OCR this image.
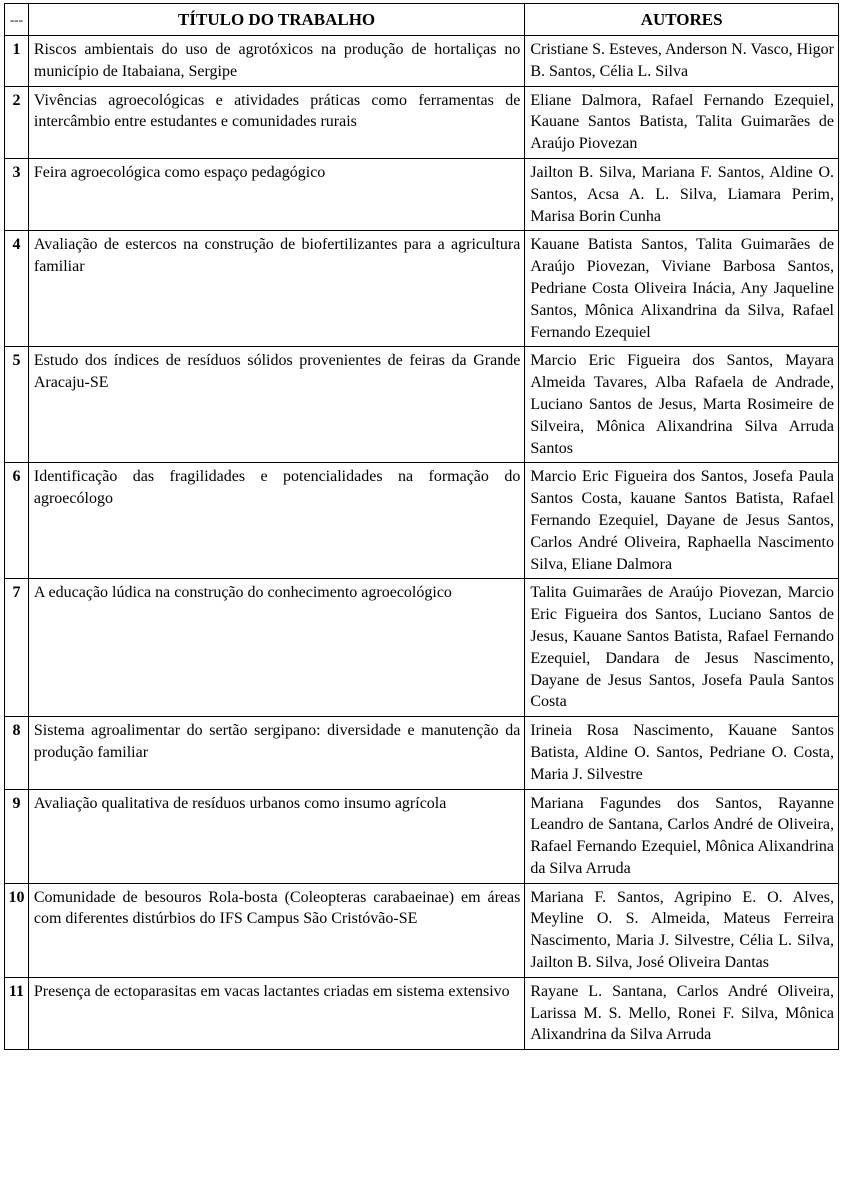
---	TÍTULO DO TRABALHO	AUTORES
1	Riscos ambientais do uso de agrotóxicos na produção de hortaliças no município de Itabaiana, Sergipe	Cristiane S. Esteves, Anderson N. Vasco, Higor B. Santos, Célia L. Silva
2	Vivências agroecológicas e atividades práticas como ferramentas de intercâmbio entre estudantes e comunidades rurais	Eliane Dalmora, Rafael Fernando Ezequiel, Kauane Santos Batista, Talita Guimarães de Araújo Piovezan
3	Feira agroecológica como espaço pedagógico	Jailton B. Silva, Mariana F. Santos, Aldine O. Santos, Acsa A. L. Silva, Liamara Perim, Marisa Borin Cunha
4	Avaliação de estercos na construção de biofertilizantes para a agricultura familiar	Kauane Batista Santos, Talita Guimarães de Araújo Piovezan, Viviane Barbosa Santos, Pedriane Costa Oliveira Inácia, Any Jaqueline Santos, Mônica Alixandrina da Silva, Rafael Fernando Ezequiel
5	Estudo dos índices de resíduos sólidos provenientes de feiras da Grande Aracaju-SE	Marcio Eric Figueira dos Santos, Mayara Almeida Tavares, Alba Rafaela de Andrade, Luciano Santos de Jesus, Marta Rosimeire de Silveira, Mônica Alixandrina Silva Arruda Santos
6	Identificação das fragilidades e potencialidades na formação do agroecólogo	Marcio Eric Figueira dos Santos, Josefa Paula Santos Costa, kauane Santos Batista, Rafael Fernando Ezequiel, Dayane de Jesus Santos, Carlos André Oliveira, Raphaella Nascimento Silva, Eliane Dalmora
7	A educação lúdica na construção do conhecimento agroecológico	Talita Guimarães de Araújo Piovezan, Marcio Eric Figueira dos Santos, Luciano Santos de Jesus, Kauane Santos Batista, Rafael Fernando Ezequiel, Dandara de Jesus Nascimento, Dayane de Jesus Santos, Josefa Paula Santos Costa
8	Sistema agroalimentar do sertão sergipano: diversidade e manutenção da produção familiar	Irineia Rosa Nascimento, Kauane Santos Batista, Aldine O. Santos, Pedriane O. Costa, Maria J. Silvestre
9	Avaliação qualitativa de resíduos urbanos como insumo agrícola	Mariana Fagundes dos Santos, Rayanne Leandro de Santana, Carlos André de Oliveira, Rafael Fernando Ezequiel, Mônica Alixandrina da Silva Arruda
10	Comunidade de besouros Rola-bosta (Coleopteras carabaeinae) em áreas com diferentes distúrbios do IFS Campus São Cristóvão-SE	Mariana F. Santos, Agripino E. O. Alves, Meyline O. S. Almeida, Mateus Ferreira Nascimento, Maria J. Silvestre, Célia L. Silva, Jailton B. Silva, José Oliveira Dantas
11	Presença de ectoparasitas em vacas lactantes criadas em sistema extensivo	Rayane L. Santana, Carlos André Oliveira, Larissa M. S. Mello, Ronei F. Silva, Mônica Alixandrina da Silva Arruda
